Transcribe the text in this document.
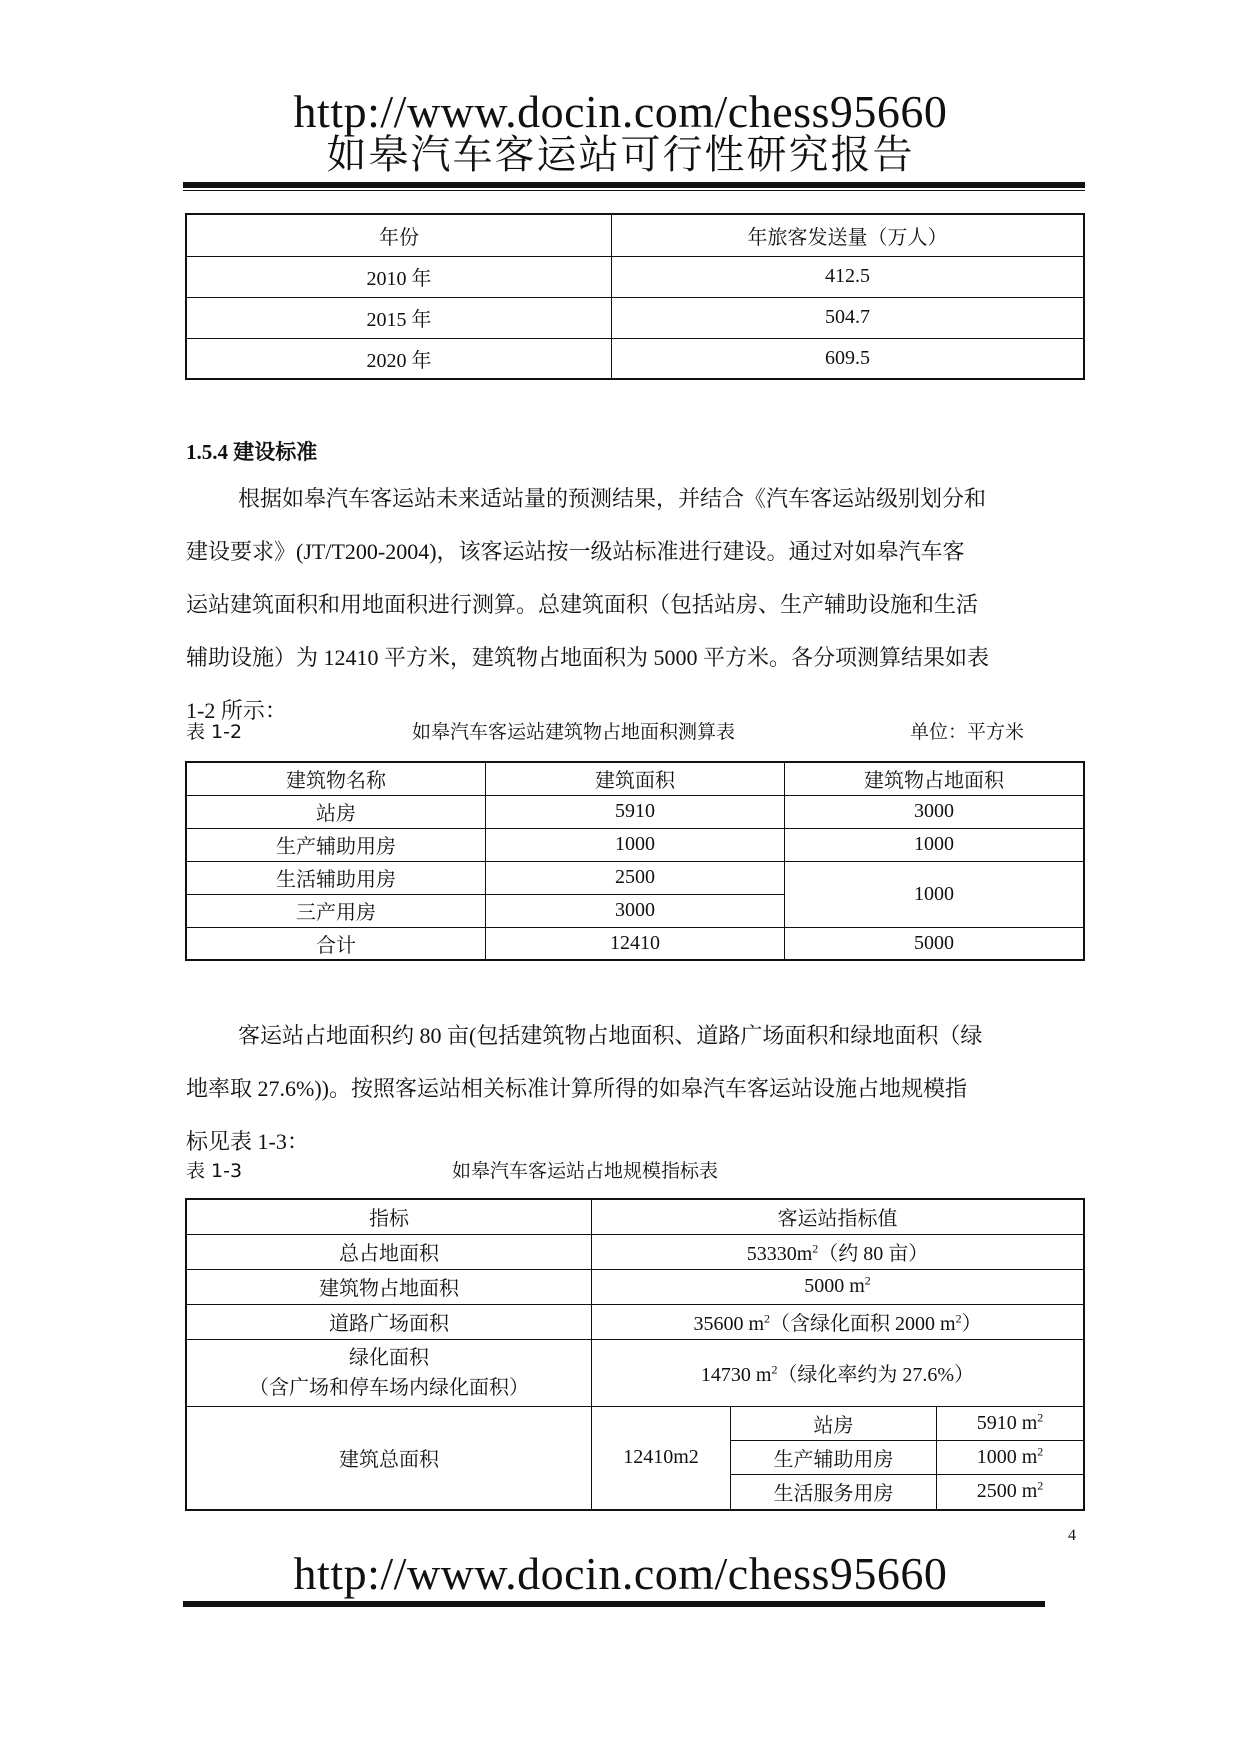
http://www.docin.com/chess95660
如皋汽车客运站可行性研究报告
年份	年旅客发送量（万人）
2010 年	412.5
2015 年	504.7
2020 年	609.5
1.5.4 建设标准
根据如皋汽车客运站未来适站量的预测结果，并结合《汽车客运站级别划分和
建设要求》(JT/T200-2004)，该客运站按一级站标准进行建设。通过对如皋汽车客
运站建筑面积和用地面积进行测算。总建筑面积（包括站房、生产辅助设施和生活
辅助设施）为 12410 平方米，建筑物占地面积为 5000 平方米。各分项测算结果如表
1-2 所示：
表 1-2	如皋汽车客运站建筑物占地面积测算表	单位：平方米
建筑物名称	建筑面积	建筑物占地面积
站房	5910	3000
生产辅助用房	1000	1000
生活辅助用房	2500	1000
三产用房	3000	
合计	12410	5000
客运站占地面积约 80 亩(包括建筑物占地面积、道路广场面积和绿地面积（绿
地率取 27.6%))。按照客运站相关标准计算所得的如皋汽车客运站设施占地规模指
标见表 1-3：
表 1-3	如皋汽车客运站占地规模指标表
指标	客运站指标值		
总占地面积	$53330m^2$（约 80 亩）		
建筑物占地面积	5000 $m^2$
道路广场面积	35600 $m^2$（含绿化面积 2000 $m^2$）		

绿化面积
（含广场和停车场内绿化面积）	14730 $m^2$（绿化率约为 27.6%）		
建筑总面积	12410m2	站房	5910 $m^2$
		生产辅助用房	1000 $m^2$
		生活服务用房	2500 $m^2$
4
http://www.docin.com/chess95660
